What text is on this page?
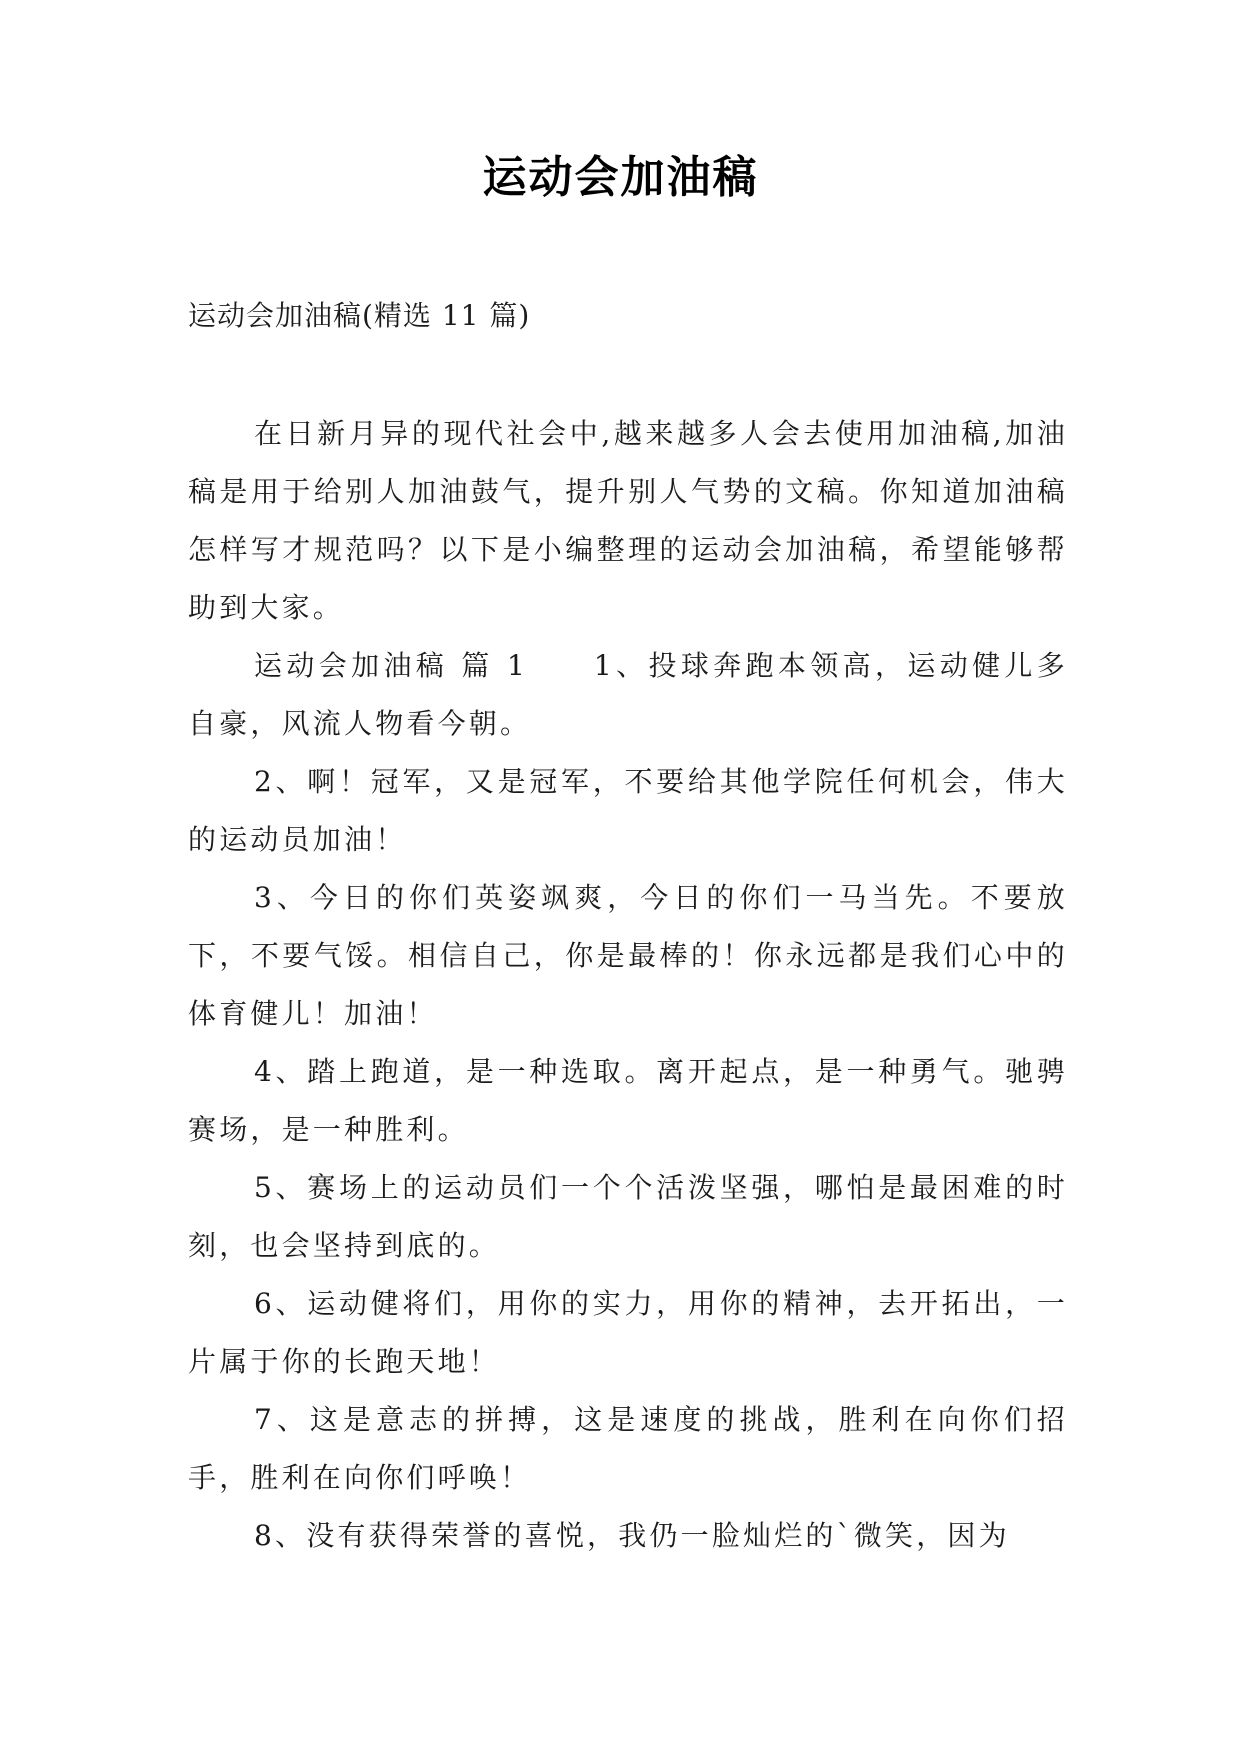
运动会加油稿
运动会加油稿(精选 11 篇)

在日新月异的现代社会中,越来越多人会去使用加油稿,加油稿是用于给别人加油鼓气，提升别人气势的文稿。你知道加油稿怎样写才规范吗？以下是小编整理的运动会加油稿，希望能够帮助到大家。

运动会加油稿 篇 1　　1、投球奔跑本领高，运动健儿多自豪，风流人物看今朝。

2、啊！冠军，又是冠军，不要给其他学院任何机会，伟大的运动员加油！

3、今日的你们英姿飒爽，今日的你们一马当先。不要放下，不要气馁。相信自己，你是最棒的！你永远都是我们心中的体育健儿！加油！

4、踏上跑道，是一种选取。离开起点，是一种勇气。驰骋赛场，是一种胜利。

5、赛场上的运动员们一个个活泼坚强，哪怕是最困难的时刻，也会坚持到底的。

6、运动健将们，用你的实力，用你的精神，去开拓出，一片属于你的长跑天地！

7、这是意志的拼搏，这是速度的挑战，胜利在向你们招手，胜利在向你们呼唤！

8、没有获得荣誉的喜悦，我仍一脸灿烂的`微笑，因为
